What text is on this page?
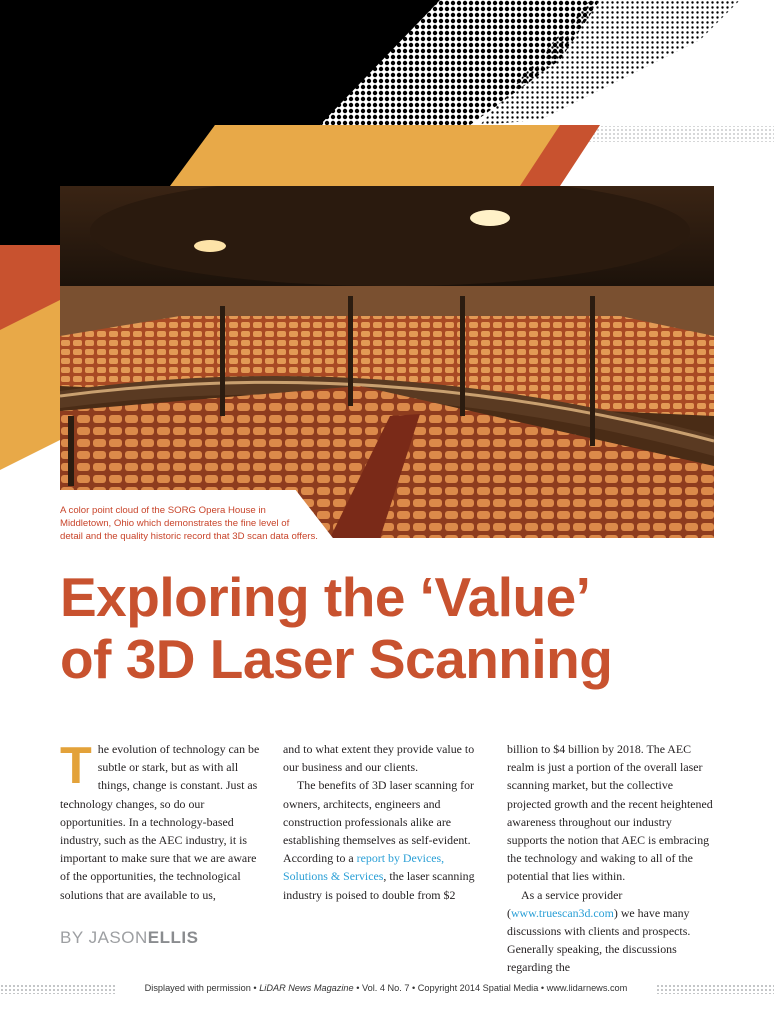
A color point cloud of the SORG Opera House in
Middletown, Ohio which demonstrates the fine level of
detail and the quality historic record that 3D scan data offers.
Exploring the ‘Value’
of 3D Laser Scanning

The evolution of technology can be subtle or stark, but as with all things, change is constant. Just as technology changes, so do our opportunities. In a technology-based industry, such as the AEC industry, it is important to make sure that we are aware of the opportunities, the technological solutions that are available to us,

and to what extent they provide value to our business and our clients.

The benefits of 3D laser scanning for owners, architects, engineers and construction professionals alike are establishing themselves as self-evident. According to a report by Devices, Solutions & Services, the laser scanning industry is poised to double from $2

billion to $4 billion by 2018. The AEC realm is just a portion of the overall laser scanning market, but the collective projected growth and the recent heightened awareness throughout our industry supports the notion that AEC is embracing the technology and waking to all of the potential that lies within.

As a service provider (www.truescan3d.com) we have many discussions with clients and prospects. Generally speaking, the discussions regarding the

BY JASONELLIS
Displayed with permission • LiDAR News Magazine • Vol. 4 No. 7 • Copyright 2014 Spatial Media • www.lidarnews.com
